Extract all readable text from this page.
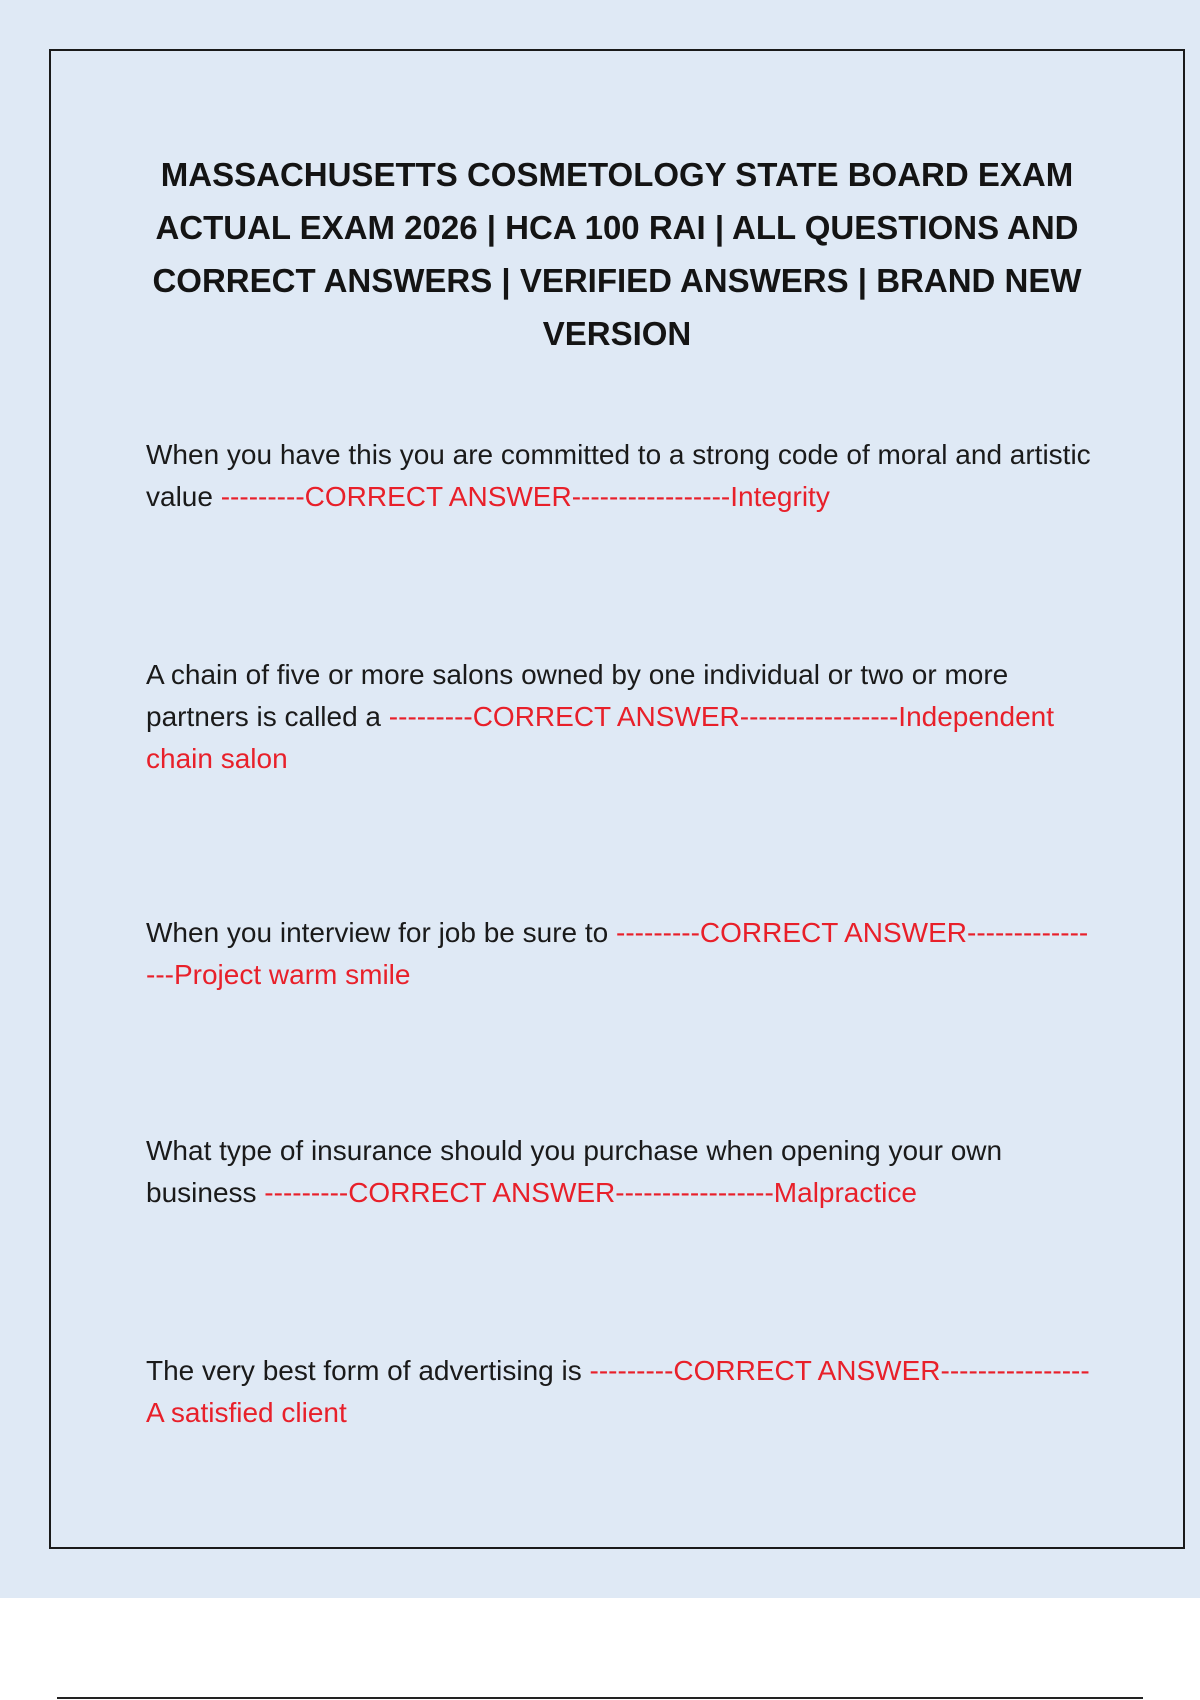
MASSACHUSETTS COSMETOLOGY STATE BOARD EXAM ACTUAL EXAM 2026 | HCA 100 RAI | ALL QUESTIONS AND CORRECT ANSWERS | VERIFIED ANSWERS | BRAND NEW VERSION

When you have this you are committed to a strong code of moral and artistic value ---------CORRECT ANSWER-----------------Integrity

A chain of five or more salons owned by one individual or two or more partners is called a ---------CORRECT ANSWER-----------------Independent chain salon

When you interview for job be sure to ---------CORRECT ANSWER----------------Project warm smile

What type of insurance should you purchase when opening your own business ---------CORRECT ANSWER-----------------Malpractice

The very best form of advertising is ---------CORRECT ANSWER----------------A satisfied client
